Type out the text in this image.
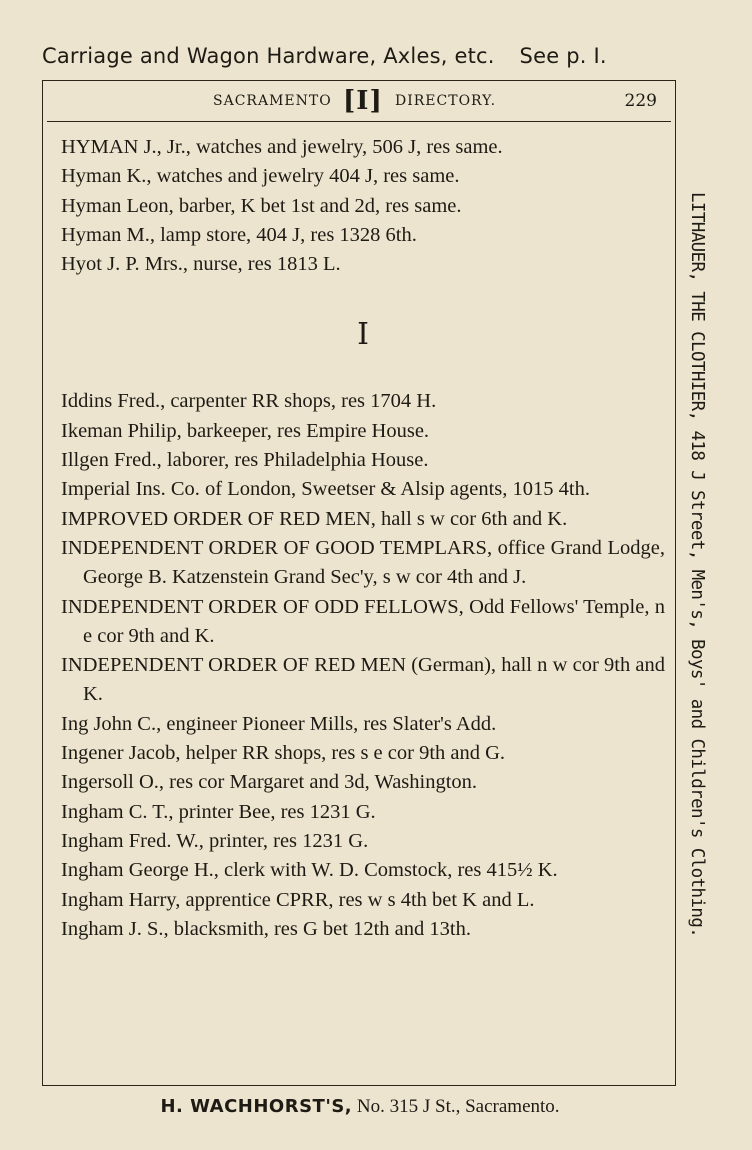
Carriage and Wagon Hardware, Axles, etc. See p. I.
SACRAMENTO [I] DIRECTORY.	229

HYMAN J., Jr., watches and jewelry, 506 J, res same.

Hyman K., watches and jewelry 404 J, res same.

Hyman Leon, barber, K bet 1st and 2d, res same.

Hyman M., lamp store, 404 J, res 1328 6th.

Hyot J. P. Mrs., nurse, res 1813 L.

I

Iddins Fred., carpenter RR shops, res 1704 H.

Ikeman Philip, barkeeper, res Empire House.

Illgen Fred., laborer, res Philadelphia House.

Imperial Ins. Co. of London, Sweetser & Alsip agents, 1015 4th.

IMPROVED ORDER OF RED MEN, hall s w cor 6th and K.

INDEPENDENT ORDER OF GOOD TEMPLARS, office Grand Lodge, George B. Katzenstein Grand Sec'y, s w cor 4th and J.

INDEPENDENT ORDER OF ODD FELLOWS, Odd Fellows' Temple, n e cor 9th and K.

INDEPENDENT ORDER OF RED MEN (German), hall n w cor 9th and K.

Ing John C., engineer Pioneer Mills, res Slater's Add.

Ingener Jacob, helper RR shops, res s e cor 9th and G.

Ingersoll O., res cor Margaret and 3d, Washington.

Ingham C. T., printer Bee, res 1231 G.

Ingham Fred. W., printer, res 1231 G.

Ingham George H., clerk with W. D. Comstock, res 415½ K.

Ingham Harry, apprentice CPRR, res w s 4th bet K and L.

Ingham J. S., blacksmith, res G bet 12th and 13th.	LITHAUER, THE CLOTHIER, 418 J Street, Men's, Boys' and Children's Clothing.
H. WACHHORST'S, No. 315 J St., Sacramento.
